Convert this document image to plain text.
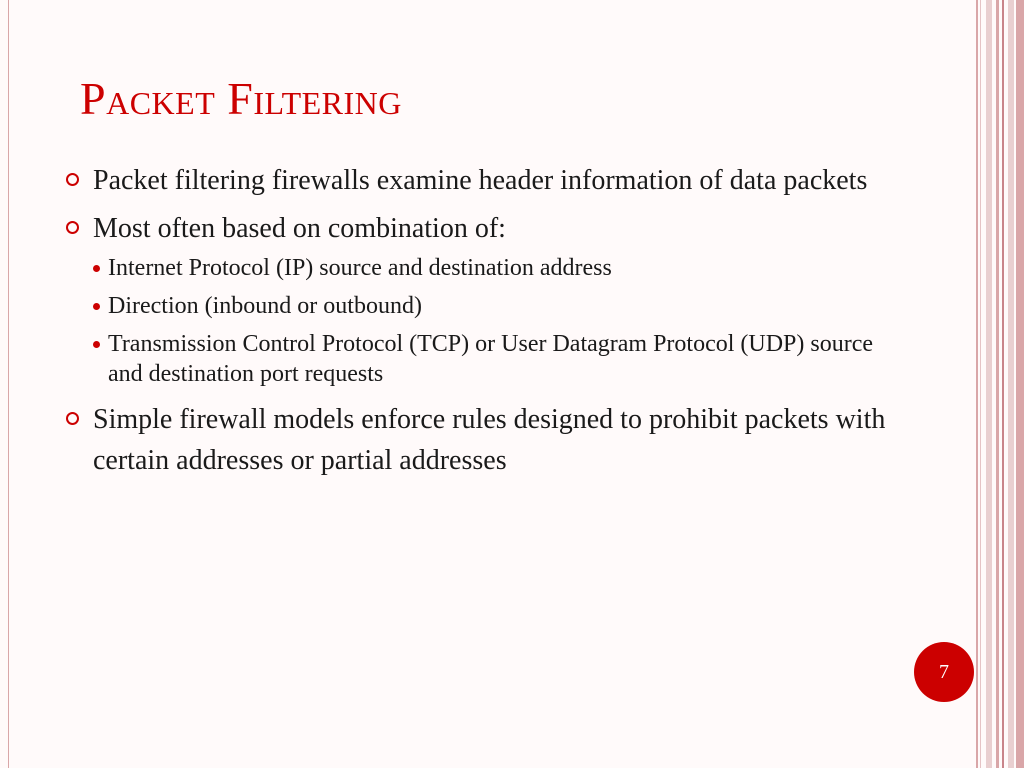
Packet Filtering
Packet filtering firewalls examine header information of data packets
Most often based on combination of:
Internet Protocol (IP) source and destination address
Direction (inbound or outbound)
Transmission Control Protocol (TCP) or User Datagram Protocol (UDP) source and destination port requests
Simple firewall models enforce rules designed to prohibit packets with certain addresses or partial addresses
7
